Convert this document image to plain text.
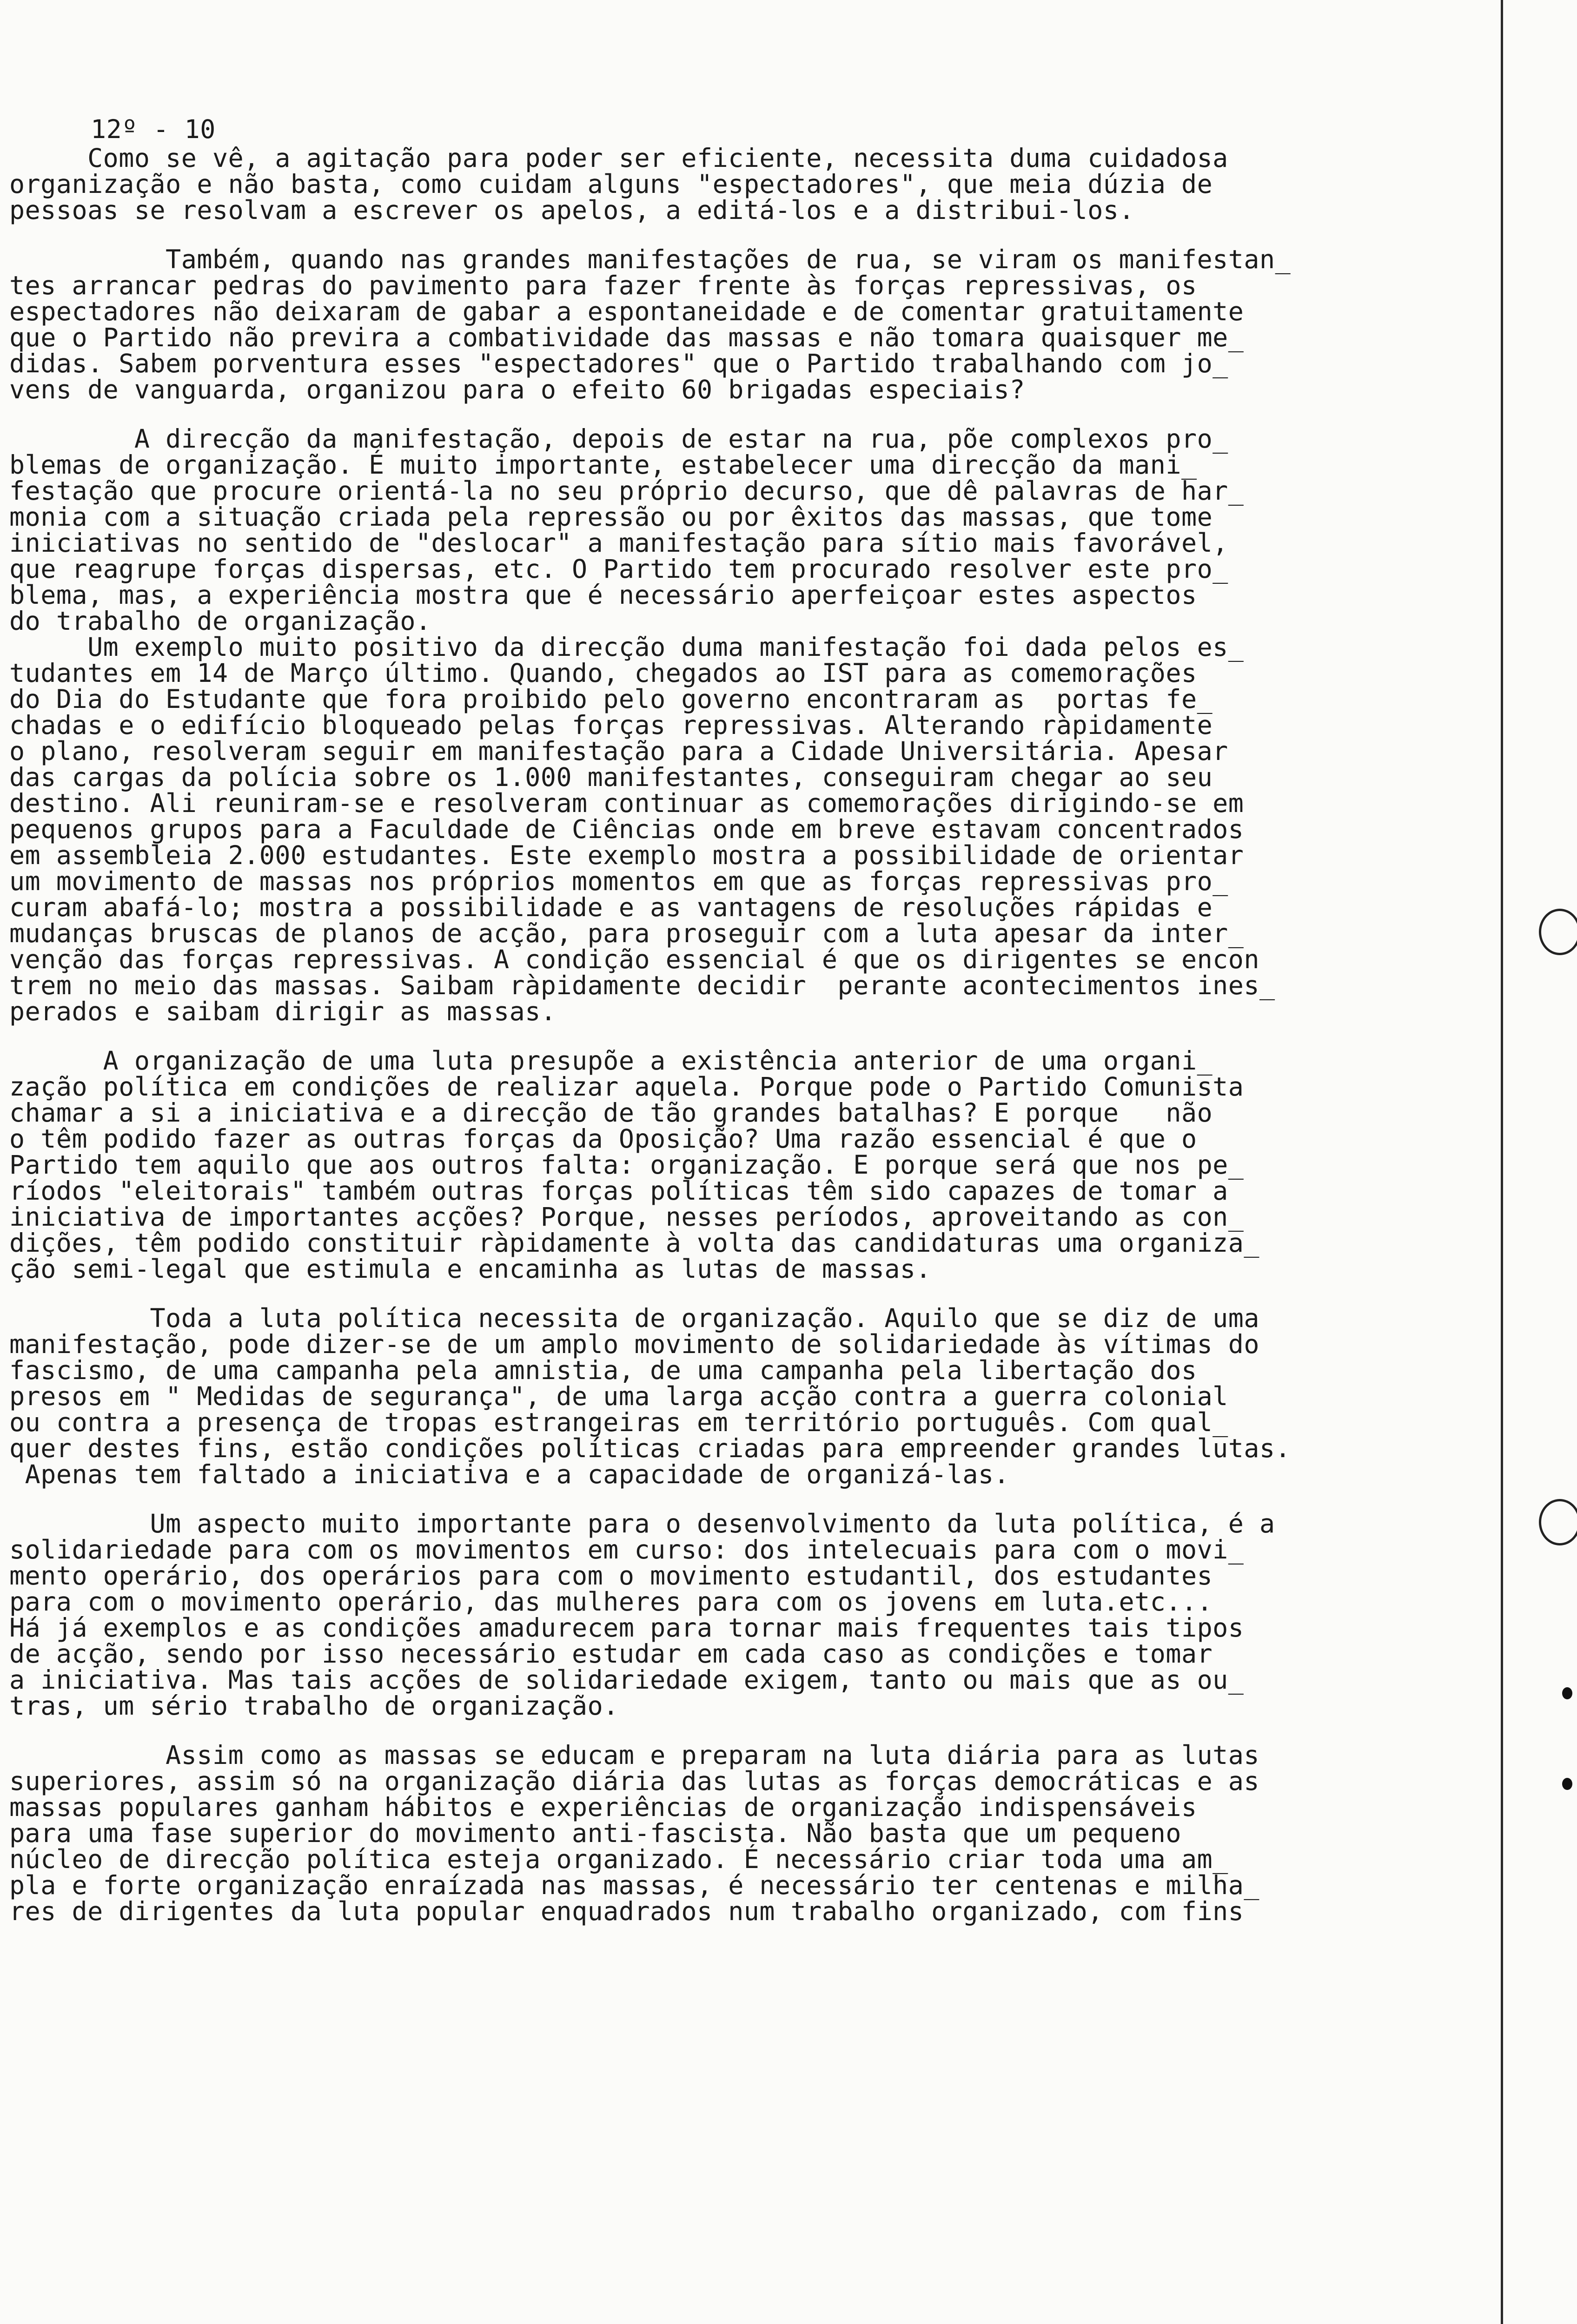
12º - 10
Como se vê, a agitação para poder ser eficiente, necessita duma cuidadosa
organização e não basta, como cuidam alguns "espectadores", que meia dúzia de
pessoas se resolvam a escrever os apelos, a editá-los e a distribui-los.
Também, quando nas grandes manifestações de rua, se viram os manifestan_
tes arrancar pedras do pavimento para fazer frente às forças repressivas, os
espectadores não deixaram de gabar a espontaneidade e de comentar gratuitamente
que o Partido não previra a combatividade das massas e não tomara quaisquer me_
didas. Sabem porventura esses "espectadores" que o Partido trabalhando com jo_
vens de vanguarda, organizou para o efeito 60 brigadas especiais?
A direcção da manifestação, depois de estar na rua, põe complexos pro_
blemas de organização. É muito importante, estabelecer uma direcção da mani_
festação que procure orientá-la no seu próprio decurso, que dê palavras de har_
monia com a situação criada pela repressão ou por êxitos das massas, que tome
iniciativas no sentido de "deslocar" a manifestação para sítio mais favorável,
que reagrupe forças dispersas, etc. O Partido tem procurado resolver este pro_
blema, mas, a experiência mostra que é necessário aperfeiçoar estes aspectos
do trabalho de organização.
Um exemplo muito positivo da direcção duma manifestação foi dada pelos es_
tudantes em 14 de Março último. Quando, chegados ao IST para as comemorações
do Dia do Estudante que fora proibido pelo governo encontraram as  portas fe_
chadas e o edifício bloqueado pelas forças repressivas. Alterando ràpidamente
o plano, resolveram seguir em manifestação para a Cidade Universitária. Apesar
das cargas da polícia sobre os 1.000 manifestantes, conseguiram chegar ao seu
destino. Ali reuniram-se e resolveram continuar as comemorações dirigindo-se em
pequenos grupos para a Faculdade de Ciências onde em breve estavam concentrados
em assembleia 2.000 estudantes. Este exemplo mostra a possibilidade de orientar
um movimento de massas nos próprios momentos em que as forças repressivas pro_
curam abafá-lo; mostra a possibilidade e as vantagens de resoluções rápidas e
mudanças bruscas de planos de acção, para proseguir com a luta apesar da inter_
venção das forças repressivas. A condição essencial é que os dirigentes se encon
trem no meio das massas. Saibam ràpidamente decidir  perante acontecimentos ines_
perados e saibam dirigir as massas.
A organização de uma luta presupõe a existência anterior de uma organi_
zação política em condições de realizar aquela. Porque pode o Partido Comunista
chamar a si a iniciativa e a direcção de tão grandes batalhas? E porque   não
o têm podido fazer as outras forças da Oposição? Uma razão essencial é que o
Partido tem aquilo que aos outros falta: organização. E porque será que nos pe_
ríodos "eleitorais" também outras forças políticas têm sido capazes de tomar a
iniciativa de importantes acções? Porque, nesses períodos, aproveitando as con_
dições, têm podido constituir ràpidamente à volta das candidaturas uma organiza_
ção semi-legal que estimula e encaminha as lutas de massas.
Toda a luta política necessita de organização. Aquilo que se diz de uma
manifestação, pode dizer-se de um amplo movimento de solidariedade às vítimas do
fascismo, de uma campanha pela amnistia, de uma campanha pela libertação dos
presos em " Medidas de segurança", de uma larga acção contra a guerra colonial
ou contra a presença de tropas estrangeiras em território português. Com qual_
quer destes fins, estão condições políticas criadas para empreender grandes lutas.
Apenas tem faltado a iniciativa e a capacidade de organizá-las.
Um aspecto muito importante para o desenvolvimento da luta política, é a
solidariedade para com os movimentos em curso: dos intelecuais para com o movi_
mento operário, dos operários para com o movimento estudantil, dos estudantes
para com o movimento operário, das mulheres para com os jovens em luta.etc...
Há já exemplos e as condições amadurecem para tornar mais frequentes tais tipos
de acção, sendo por isso necessário estudar em cada caso as condições e tomar
a iniciativa. Mas tais acções de solidariedade exigem, tanto ou mais que as ou_
tras, um sério trabalho de organização.
Assim como as massas se educam e preparam na luta diária para as lutas
superiores, assim só na organização diária das lutas as forças democráticas e as
massas populares ganham hábitos e experiências de organização indispensáveis
para uma fase superior do movimento anti-fascista. Não basta que um pequeno
núcleo de direcção política esteja organizado. É necessário criar toda uma am_
pla e forte organização enraízada nas massas, é necessário ter centenas e milha_
res de dirigentes da luta popular enquadrados num trabalho organizado, com fins
